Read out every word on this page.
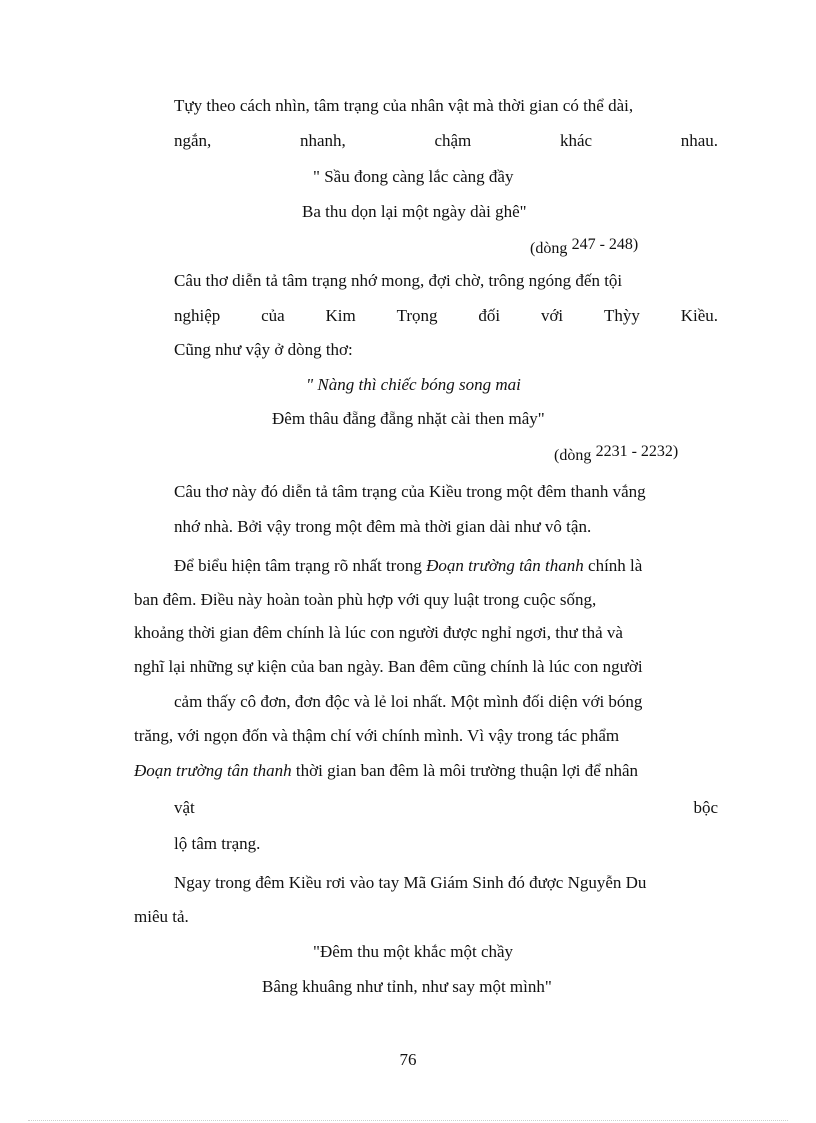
Tựy theo cách nhìn, tâm trạng của nhân vật mà thời gian có thể dài,
ngắn,	nhanh,	chậm	khác	nhau.
" Sầu đong càng lắc càng đầy
Ba thu dọn lại một ngày dài ghê"
(dòng 247 - 248)
Câu thơ diễn tả tâm trạng nhớ mong, đợi chờ, trông ngóng đến tội
nghiệp của Kim Trọng đối với Thỳy Kiều.
Cũng như vậy ở dòng thơ:
" Nàng thì chiếc bóng song mai
Đêm thâu đẵng đẵng nhặt cài then mây"
(dòng 2231 - 2232)
Câu thơ này đó diễn tả tâm trạng của Kiều trong một đêm thanh vắng
nhớ nhà. Bởi vậy trong một đêm mà thời gian dài như vô tận.
Để biểu hiện tâm trạng rõ nhất trong Đoạn trường tân thanh chính là
ban đêm. Điều này hoàn toàn phù hợp với quy luật trong cuộc sống,
khoảng thời gian đêm chính là lúc con người được nghỉ ngơi, thư thả và
nghĩ lại những sự kiện của ban ngày. Ban đêm cũng chính là lúc con người
cảm thấy cô đơn, đơn độc và lẻ loi nhất. Một mình đối diện với bóng
trăng, với ngọn đốn và thậm chí với chính mình. Vì vậy trong tác phẩm
Đoạn trường tân thanh thời gian ban đêm là môi trường thuận lợi để nhân
vật	bộc
lộ tâm trạng.
Ngay trong đêm Kiều rơi vào tay Mã Giám Sinh đó được Nguyễn Du
miêu tả.
"Đêm thu một khắc một chầy
Bâng khuâng như tỉnh, như say một mình"
76
